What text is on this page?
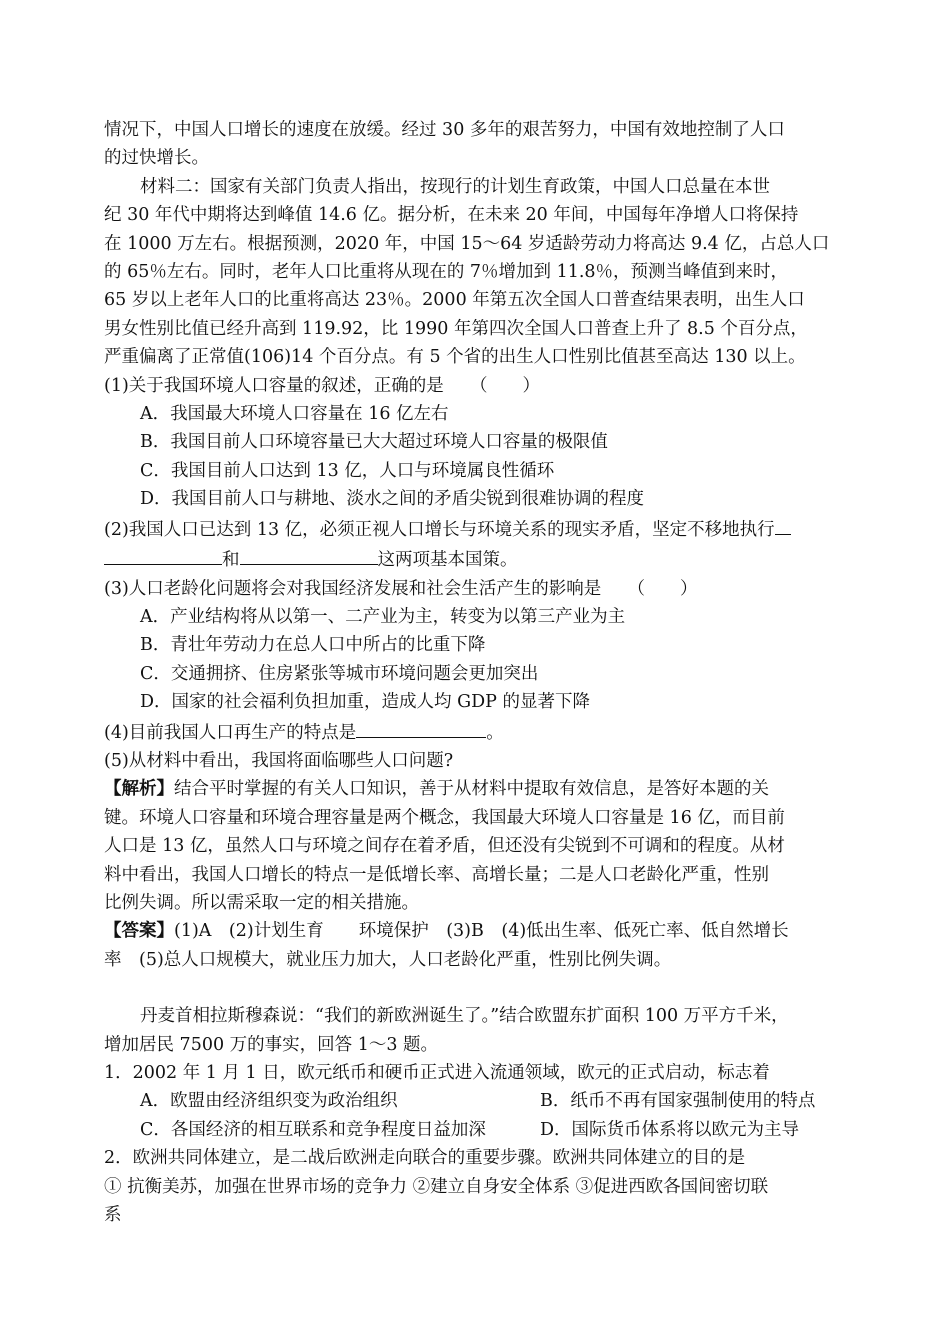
情况下，中国人口增长的速度在放缓。经过 30 多年的艰苦努力，中国有效地控制了人口

的过快增长。

材料二：国家有关部门负责人指出，按现行的计划生育政策，中国人口总量在本世

纪 30 年代中期将达到峰值 14.6 亿。据分析，在未来 20 年间，中国每年净增人口将保持

在 1000 万左右。根据预测，2020 年，中国 15～64 岁适龄劳动力将高达 9.4 亿，占总人口

的 65％左右。同时，老年人口比重将从现在的 7％增加到 11.8％，预测当峰值到来时，

65 岁以上老年人口的比重将高达 23％。2000 年第五次全国人口普查结果表明，出生人口

男女性别比值已经升高到 119.92，比 1990 年第四次全国人口普查上升了 8.5 个百分点，

严重偏离了正常值(106)14 个百分点。有 5 个省的出生人口性别比值甚至高达 130 以上。

(1)关于我国环境人口容量的叙述，正确的是　　（　　）

A．我国最大环境人口容量在 16 亿左右

B．我国目前人口环境容量已大大超过环境人口容量的极限值

C．我国目前人口达到 13 亿，人口与环境属良性循环

D．我国目前人口与耕地、淡水之间的矛盾尖锐到很难协调的程度

(2)我国人口已达到 13 亿，必须正视人口增长与环境关系的现实矛盾，坚定不移地执行

和	这两项基本国策。

(3)人口老龄化问题将会对我国经济发展和社会生活产生的影响是　　（　　）

A．产业结构将从以第一、二产业为主，转变为以第三产业为主

B．青壮年劳动力在总人口中所占的比重下降

C．交通拥挤、住房紧张等城市环境问题会更加突出

D．国家的社会福利负担加重，造成人均 GDP 的显著下降

(4)目前我国人口再生产的特点是	。

(5)从材料中看出，我国将面临哪些人口问题?

【解析】结合平时掌握的有关人口知识，善于从材料中提取有效信息，是答好本题的关

键。环境人口容量和环境合理容量是两个概念，我国最大环境人口容量是 16 亿，而目前

人口是 13 亿，虽然人口与环境之间存在着矛盾，但还没有尖锐到不可调和的程度。从材

料中看出，我国人口增长的特点一是低增长率、高增长量；二是人口老龄化严重，性别

比例失调。所以需采取一定的相关措施。

【答案】(1)A　(2)计划生育　　环境保护　(3)B　(4)低出生率、低死亡率、低自然增长

率　(5)总人口规模大，就业压力加大，人口老龄化严重，性别比例失调。

丹麦首相拉斯穆森说：“我们的新欧洲诞生了。”结合欧盟东扩面积 100 万平方千米，

增加居民 7500 万的事实，回答 1～3 题。

1．2002 年 1 月 1 日，欧元纸币和硬币正式进入流通领域，欧元的正式启动，标志着

A．欧盟由经济组织变为政治组织	B．纸币不再有国家强制使用的特点
C．各国经济的相互联系和竞争程度日益加深	D．国际货币体系将以欧元为主导

2．欧洲共同体建立，是二战后欧洲走向联合的重要步骤。欧洲共同体建立的目的是

① 抗衡美苏，加强在世界市场的竞争力 ②建立自身安全体系 ③促进西欧各国间密切联

系
